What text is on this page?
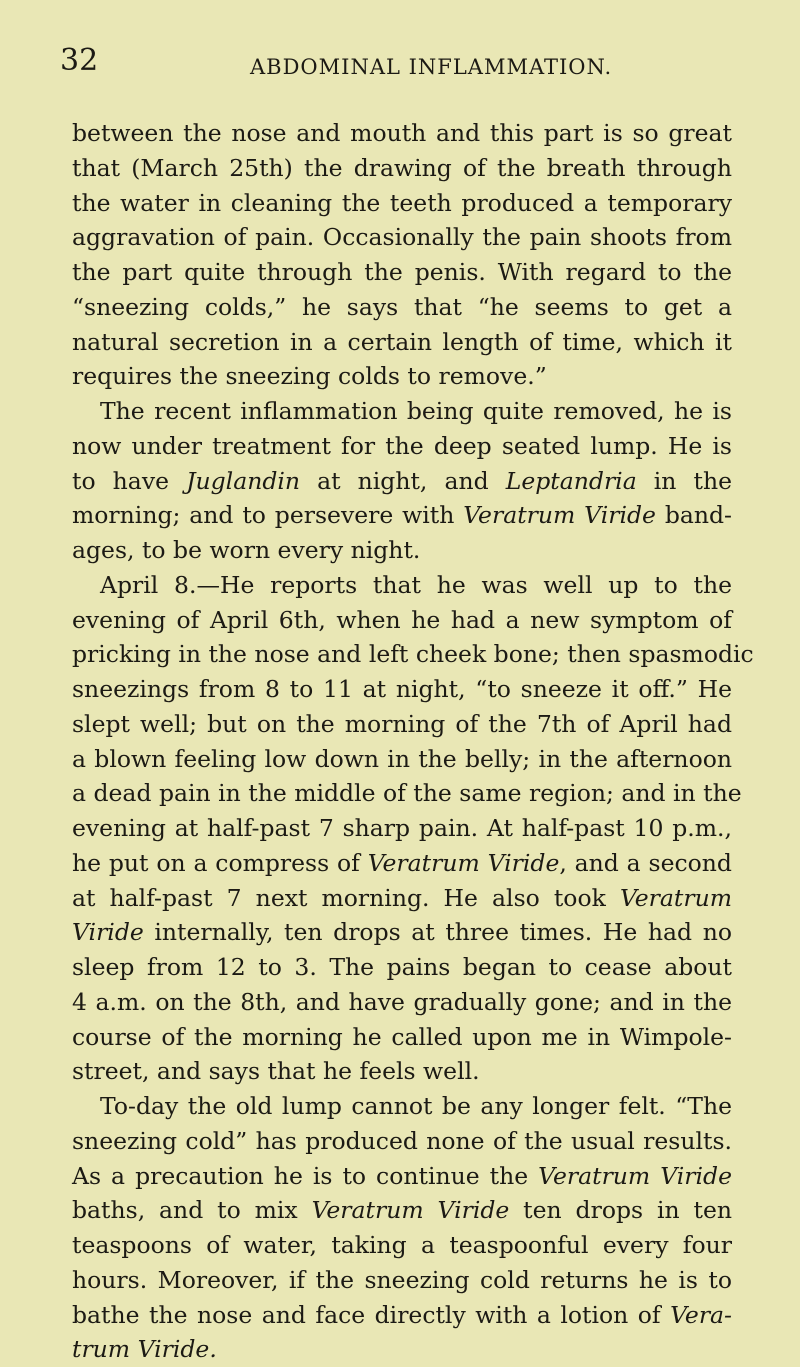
32	ABDOMINAL INFLAMMATION.
between the nose and mouth and this part is so great
that (March 25th) the drawing of the breath through
the water in cleaning the teeth produced a temporary
aggravation of pain. Occasionally the pain shoots from
the part quite through the penis. With regard to the
“sneezing colds,” he says that “he seems to get a
natural secretion in a certain length of time, which it
requires the sneezing colds to remove.”
The recent inflammation being quite removed, he is
now under treatment for the deep seated lump. He is
to have Juglandin at night, and Leptandria in the
morning; and to persevere with Veratrum Viride band-
ages, to be worn every night.
April 8.—He reports that he was well up to the
evening of April 6th, when he had a new symptom of
pricking in the nose and left cheek bone; then spasmodic
sneezings from 8 to 11 at night, “to sneeze it off.” He
slept well; but on the morning of the 7th of April had
a blown feeling low down in the belly; in the afternoon
a dead pain in the middle of the same region; and in the
evening at half-past 7 sharp pain. At half-past 10 p.m.,
he put on a compress of Veratrum Viride, and a second
at half-past 7 next morning. He also took Veratrum
Viride internally, ten drops at three times. He had no
sleep from 12 to 3. The pains began to cease about
4 a.m. on the 8th, and have gradually gone; and in the
course of the morning he called upon me in Wimpole-
street, and says that he feels well.
To-day the old lump cannot be any longer felt. “The
sneezing cold” has produced none of the usual results.
As a precaution he is to continue the Veratrum Viride
baths, and to mix Veratrum Viride ten drops in ten
teaspoons of water, taking a teaspoonful every four
hours. Moreover, if the sneezing cold returns he is to
bathe the nose and face directly with a lotion of Vera-
trum Viride.
